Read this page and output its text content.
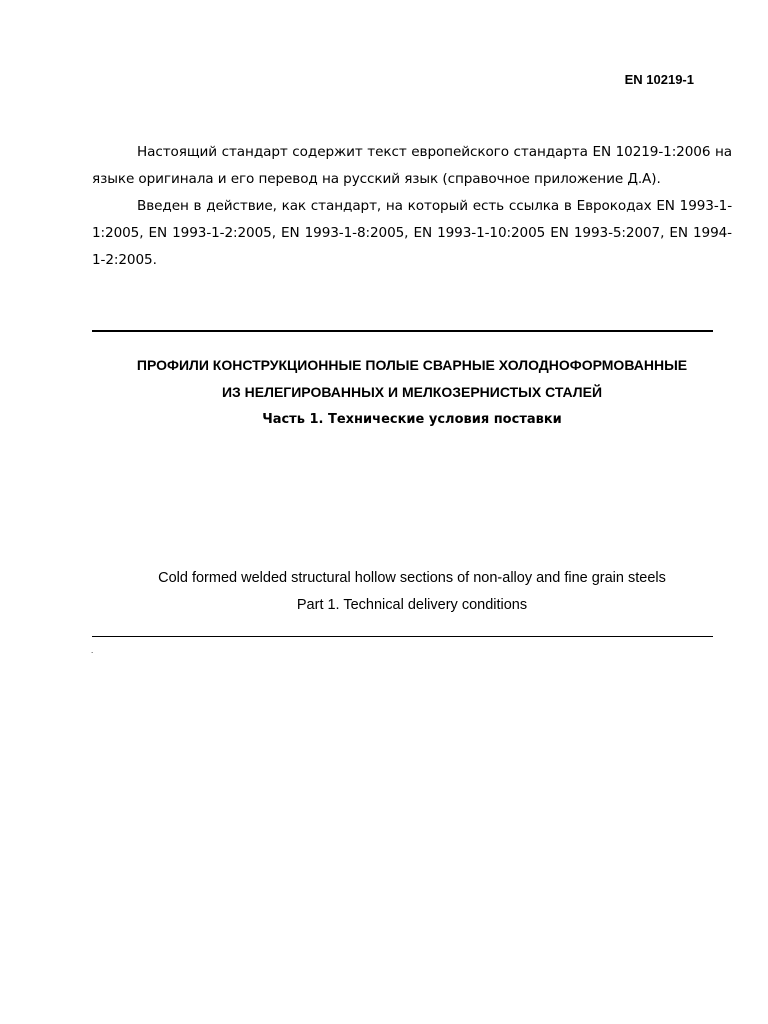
EN 10219-1

Настоящий стандарт содержит текст европейского стандарта EN 10219-1:2006 на языке оригинала и его перевод на русский язык (справочное приложение Д.А).

Введен в действие, как стандарт, на который есть ссылка в Еврокодах EN 1993-1-1:2005, EN 1993-1-2:2005, EN 1993-1-8:2005, EN 1993-1-10:2005 EN 1993-5:2007, EN 1994-1-2:2005.

ПРОФИЛИ КОНСТРУКЦИОННЫЕ ПОЛЫЕ СВАРНЫЕ ХОЛОДНОФОРМОВАННЫЕ
ИЗ НЕЛЕГИРОВАННЫХ И МЕЛКОЗЕРНИСТЫХ СТАЛЕЙ
Часть 1. Технические условия поставки
Cold formed welded structural hollow sections of non-alloy and fine grain steels
Part 1. Technical delivery conditions
.
